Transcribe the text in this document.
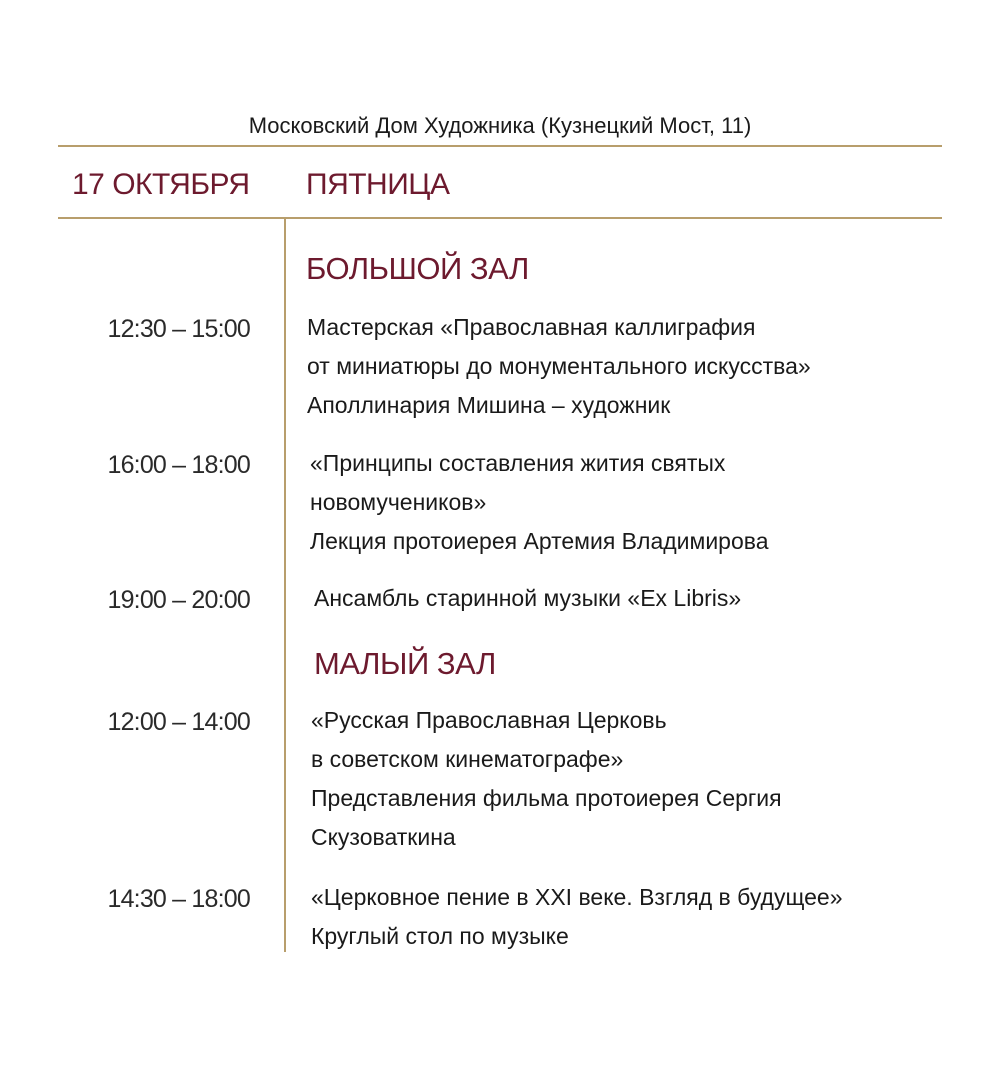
Московский Дом Художника (Кузнецкий Мост, 11)
17 ОКТЯБРЯ ПЯТНИЦА
БОЛЬШОЙ ЗАЛ
12:30 – 15:00 Мастерская «Православная каллиграфия
от миниатюры до монументального искусства»
Аполлинария Мишина – художник
16:00 – 18:00	«Принципы составления жития святых
новомучеников»
Лекция протоиерея Артемия Владимирова
19:00 – 20:00	Ансамбль старинной музыки «Ex Libris»
МАЛЫЙ ЗАЛ
12:00 – 14:00	«Русская Православная Церковь
в советском кинематографе»
Представления фильма протоиерея Сергия
Скузоваткина
14:30 – 18:00	«Церковное пение в XXI веке. Взгляд в будущее»
Круглый стол по музыке
